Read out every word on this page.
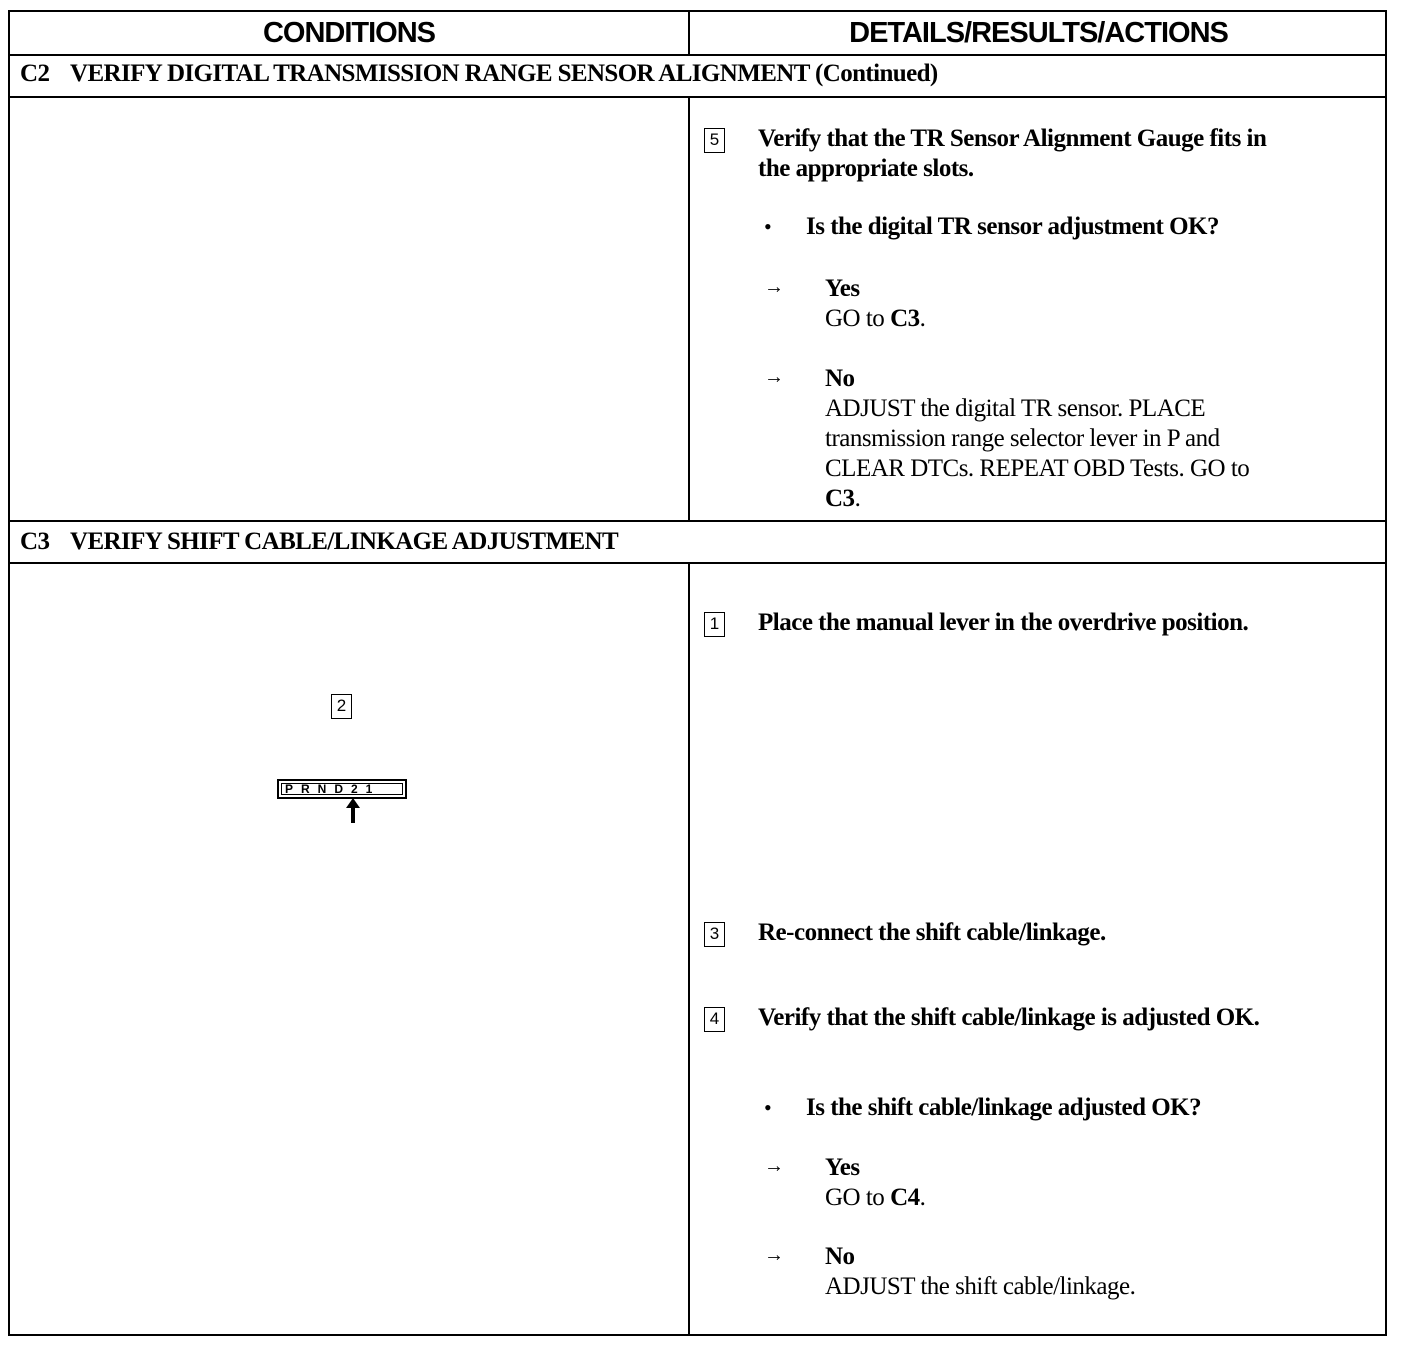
CONDITIONS	DETAILS/RESULTS/ACTIONS
C2 VERIFY DIGITAL TRANSMISSION RANGE SENSOR ALIGNMENT (Continued)
5 Verify that the TR Sensor Alignment Gauge fits in
the appropriate slots.
• Is the digital TR sensor adjustment OK?
→ Yes
GO to C3.
→ No
ADJUST the digital TR sensor. PLACE
transmission range selector lever in P and
CLEAR DTCs. REPEAT OBD Tests. GO to
C3.
C3 VERIFY SHIFT CABLE/LINKAGE ADJUSTMENT
2
PRND21
1 Place the manual lever in the overdrive position.
3 Re-connect the shift cable/linkage.
4 Verify that the shift cable/linkage is adjusted OK.
• Is the shift cable/linkage adjusted OK?
→ Yes
GO to C4.
→ No
ADJUST the shift cable/linkage.
